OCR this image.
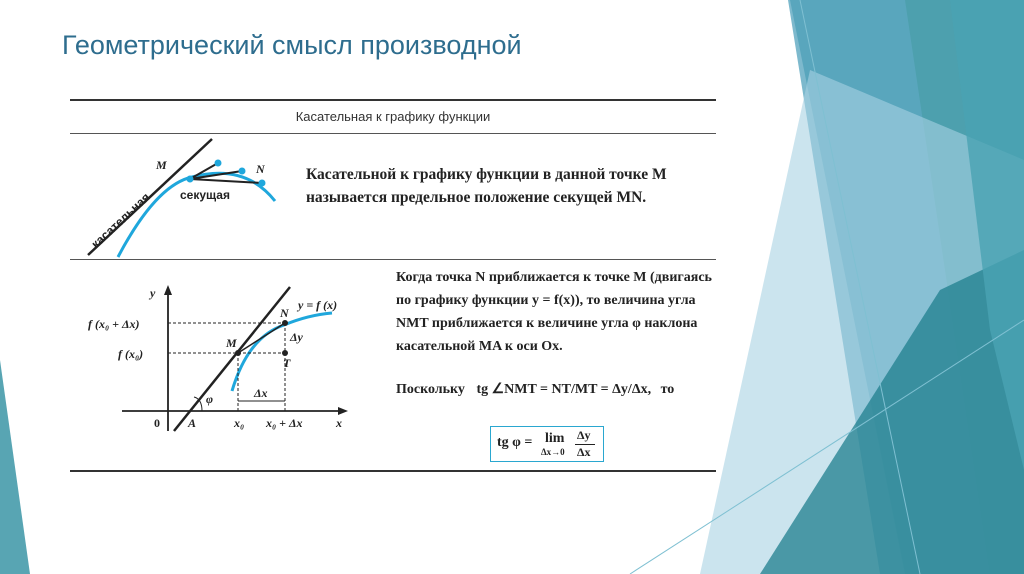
Геометрический смысл производной
Касательная к графику функции
M	N
секущая
касательная
y
x
0 A
M
N
T
y = f (x)
f (x₀ + Δx)
f (x₀)
x₀ x₀ + Δx
Δx
Δy
φ
Касательной к графику функции в данной точке M называется предельное положение секущей MN.
Когда точка N приближается к точке M (двигаясь по графику функции y = f(x)), то величина угла NMT приближается к величине угла φ наклона касательной MA к оси Ox.
Поскольку tg ∠NMT = NT/MT = Δy/Δx, то
tg φ = lim
Δx→0
Δy
Δx
